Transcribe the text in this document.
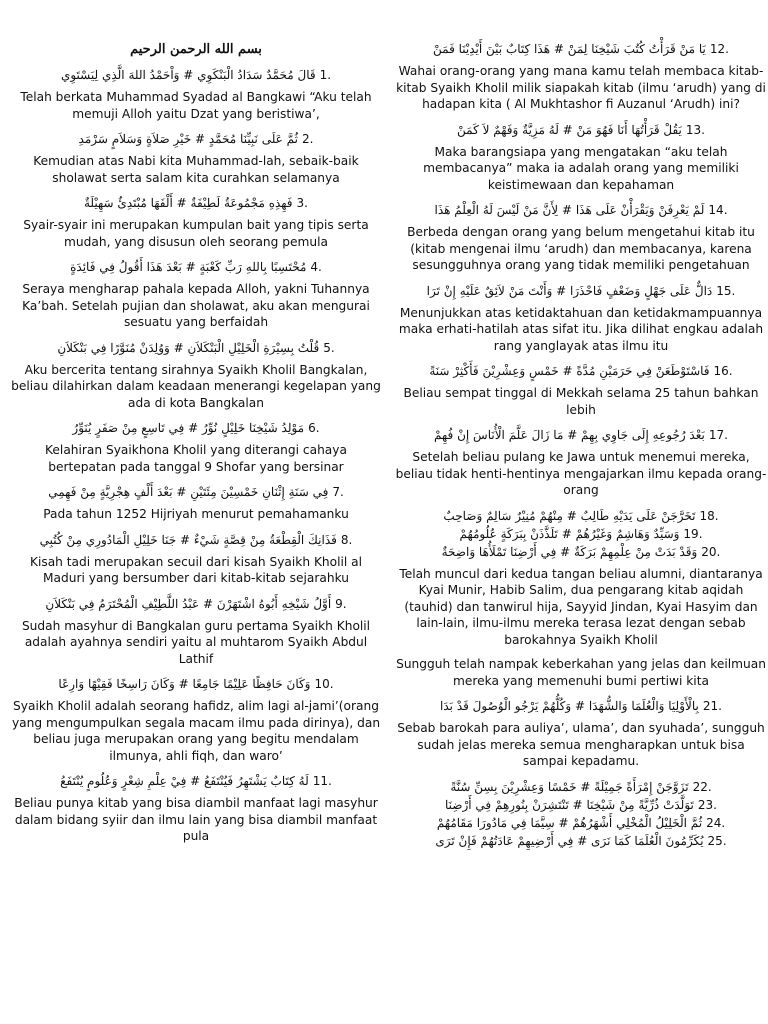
بسم الله الرحمن الرحيم
قَالَ مُحَمَّدٌ سَدَادُ الْبَنْكَوِي # وَاْحَمْدُ اللهَ الَّذِي لِيَسْتَوِي 1.

Telah berkata Muhammad Syadad al Bangkawi “Aku telah memuji Alloh yaitu Dzat yang beristiwa’,

ثُمَّ عَلَى نَبِيِّنَا مُحَمَّدٍ # خَيْرِ صَلاَةٍ وَسَلاَمٍ سَرْمَدِ 2.

Kemudian atas Nabi kita Muhammad-lah, sebaik-baik sholawat serta salam kita curahkan selamanya

فَهِذِهِ مَجْمُوعَةُ لَطِيْفَةٌ # أَلْفَهَا مُبْتَدِئٌ سَهِيْلَةٌ 3.

Syair-syair ini merupakan kumpulan bait yang tipis serta mudah, yang disusun oleh seorang pemula

مُحْتَسِبًا بِاللهِ رَبِّ كَعْبَةٍ # بَعْدَ هَذَا أَقُولُ فِي فَائِدَةٍ 4.

Seraya mengharap pahala kepada Alloh, yakni Tuhannya Ka’bah. Setelah pujian dan sholawat, aku akan mengurai sesuatu yang berfaidah

قُلْتُ بِسِيْرَةِ الْخَلِيْلِ الْبَنْكَلاَنِ # وَوُلِدَنْ مُنَوَّرًا فِي بَنْكَلاَنِ 5.

Aku bercerita tentang sirahnya Syaikh Kholil Bangkalan, beliau dilahirkan dalam keadaan menerangi kegelapan yang ada di kota Bangkalan

مَوْلِدُ شَيْخِنَا خَلِيْلٍ نُوِّرُ # فِي تَاسِعٍ مِنْ صَفَرٍ يُنَوِّرُ 6.

Kelahiran Syaikhona Kholil yang diterangi cahaya bertepatan pada tanggal 9 Shofar yang bersinar

فِي سَنَةِ إِثْنَانِ خَمْسِيْنَ مِئَتَيْنِ # بَعْدَ أَلْفٍ هِجْرِيَّةٍ مِنْ فَهِمِي 7.

Pada tahun 1252 Hijriyah menurut pemahamanku

فَذَانِكَ الْقِطْعَةُ مِنْ قِصَّةٍ شَيْءٌ # جَنَا خَلِيْلِ الْمَادُورِي مِنْ كُتُبِي 8.

Kisah tadi merupakan secuil dari kisah Syaikh Kholil al Maduri yang bersumber dari kitab-kitab sejarahku

أَوَّلُ شَيْخِهِ أَبُوهُ اشْتَهَرْنَ # عَبْدُ اللَّطِيْفِ الْمُحْتَرَمُ فِي بَنْكَلاَنِ 9.

Sudah masyhur di Bangkalan guru pertama Syaikh Kholil adalah ayahnya sendiri yaitu al muhtarom Syaikh Abdul Lathif

وَكَانَ حَافِظًا عَلِيْمًا جَامِعًا # وَكَانَ رَاسِخًا فَقِيْهًا وَارِعًا 10.

Syaikh Kholil adalah seorang hafidz, alim lagi al-jami’(orang yang mengumpulkan segala macam ilmu pada dirinya), dan beliau juga merupakan orang yang begitu mendalam ilmunya, ahli fiqh, dan waro’

لَهُ كِتَابٌ يَشْتَهِرُ فَيُنْتَفَعُ # فِيْ عِلْمِ شِعْرٍ وَعُلُومٍ يُنْتَفَعُ 11.

Beliau punya kitab yang bisa diambil manfaat lagi masyhur dalam bidang syiir dan ilmu lain yang bisa diambil manfaat pula

يَا مَنْ قَرَأْتُ كُتُبَ شَيْخِنَا لِمَنْ # هَذَا كِتَابٌ بَيْنَ أَيْدِيْنَا فَمَنْ 12.

Wahai orang-orang yang mana kamu telah membaca kitab-kitab Syaikh Kholil milik siapakah kitab (ilmu ‘arudh) yang di hadapan kita ( Al Mukhtashor fi Auzanul ‘Arudh) ini?

يَقُلْ قَرَأْتُهَا أَنَا فَهُوَ مَنْ # لَهُ مَزِيَّةٌ وَفَهْمٌ لاَ كَمَنْ 13.

Maka barangsiapa yang mengatakan “aku telah membacanya” maka ia adalah orang yang memiliki keistimewaan dan kepahaman

لَمْ يَعْرِفَنْ وَيَقْرَأْنْ عَلَى هَذَا # لِأَنَّ مَنْ لَيْسَ لَهُ الْعِلْمُ هَذَا 14.

Berbeda dengan orang yang belum mengetahui kitab itu (kitab mengenai ilmu ‘arudh) dan membacanya, karena sesungguhnya orang yang tidak memiliki pengetahuan

دَالٌّ عَلَى جَهْلٍ وَضَعْفٍ فَاحْذَرَا # وَأَنْتَ مَنْ لاَئِقٌ عَلَيْهِ إِنْ تَرَا 15.

Menunjukkan atas ketidaktahuan dan ketidakmampuannya maka erhati-hatilah atas sifat itu. Jika dilihat engkau adalah rang yanglayak atas ilmu itu

فَاسْتَوْطَعَنْ فِي حَرَمَيْنِ مُدَّةً # خَمْسٍ وَعِشْرِيْنَ فَأَكْثِرْ سَنَةً 16.

Beliau sempat tinggal di Mekkah selama 25 tahun bahkan lebih

بَعْدَ رُجُوعِهِ إِلَى جَاوِي بِهِمْ # مَا زَالَ عَلَّمَ الْأُنَاسَ إِنْ فُهِمْ 17.

Setelah beliau pulang ke Jawa untuk menemui mereka, beliau tidak henti-hentinya mengajarkan ilmu kepada orang-orang

تَخَرَّجَنْ عَلَى يَدَيْهِ طَالِبٌ # مِنْهُمْ مُنِيْرٌ سَالِمٌ وَصَاحِبٌ 18.
وَسَيِّدٌ وَهَاشِمٌ وَغَيْرُهُمْ # تَلَذَّذَنْ بِبَرَكَةٍ عُلُومُهُمْ 19.
وَقَدْ بَدَتْ مِنْ عِلْمِهِمْ بَرَكَةٌ # فِي أَرْضِنَا تَمْلَأُهَا وَاضِحَةٌ 20.

Telah muncul dari kedua tangan beliau alumni, diantaranya Kyai Munir, Habib Salim, dua pengarang kitab aqidah (tauhid) dan tanwirul hija, Sayyid Jindan, Kyai Hasyim dan lain-lain, ilmu-ilmu mereka terasa lezat dengan sebab barokahnya Syaikh Kholil

Sungguh telah nampak keberkahan yang jelas dan keilmuan mereka yang memenuhi bumi pertiwi kita

بِالْأَوْلِيَا وَالْعُلَمَا وَالشُّهَدَا # وَكُلُّهُمْ يَرْجُو الْوُصُولَ قَدْ بَدَا 21.

Sebab barokah para auliya’, ulama’, dan syuhada’, sungguh sudah jelas mereka semua mengharapkan untuk bisa sampai kepadamu.

تَزَوَّجَنْ إِمْرَأَةً جَمِيْلَةً # خَمْسًا وَعِشْرِيْنَ بِسِنِّ سُنَّةً 22.
تَوَلَّدَتْ ذُرِّيَّةً مِنْ شَيْخِنَا # تَنْتَشِرَنْ بِنُورِهِمْ فِي أَرْضِنَا 23.
ثُمَّ الْخَلِيْلُ الْمُخْلِي أَشْهَرُهُمْ # سِيَّمَا فِي مَادُورَا مَقَامُهُمْ 24.
يُكَرِّمُونَ الْعُلَمَا كَمَا نَرَى # فِي أَرْضِيهِمْ عَادَتُهُمْ فَإِنْ تَرَى 25.
